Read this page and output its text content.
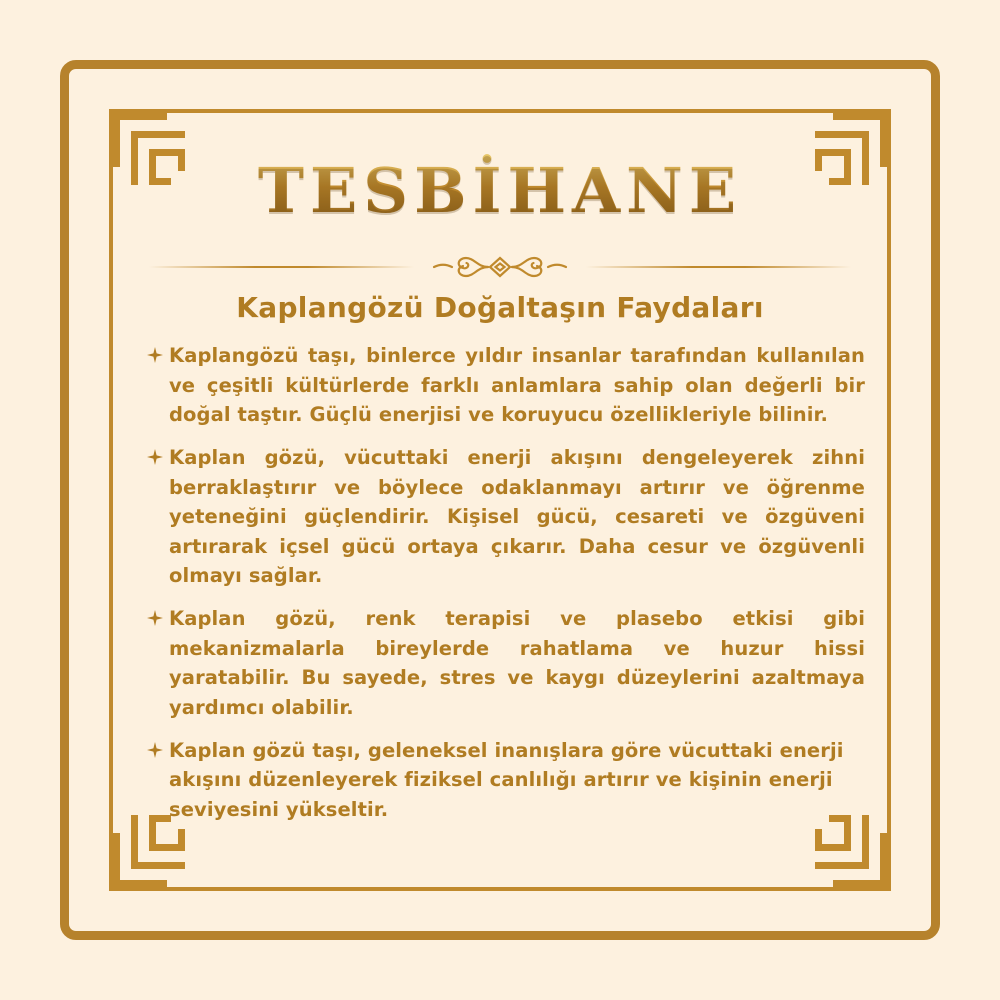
TESBİHANE
Kaplangözü Doğaltaşın Faydaları
Kaplangözü taşı, binlerce yıldır insanlar tarafından kullanılan ve çeşitli kültürlerde farklı anlamlara sahip olan değerli bir doğal taştır. Güçlü enerjisi ve koruyucu özellikleriyle bilinir.
Kaplan gözü, vücuttaki enerji akışını dengeleyerek zihni berraklaştırır ve böylece odaklanmayı artırır ve öğrenme yeteneğini güçlendirir. Kişisel gücü, cesareti ve özgüveni artırarak içsel gücü ortaya çıkarır. Daha cesur ve özgüvenli olmayı sağlar.
Kaplan gözü, renk terapisi ve plasebo etkisi gibi mekanizmalarla bireylerde rahatlama ve huzur hissi yaratabilir. Bu sayede, stres ve kaygı düzeylerini azaltmaya yardımcı olabilir.
Kaplan gözü taşı, geleneksel inanışlara göre vücuttaki enerji akışını düzenleyerek fiziksel canlılığı artırır ve kişinin enerji seviyesini yükseltir.
